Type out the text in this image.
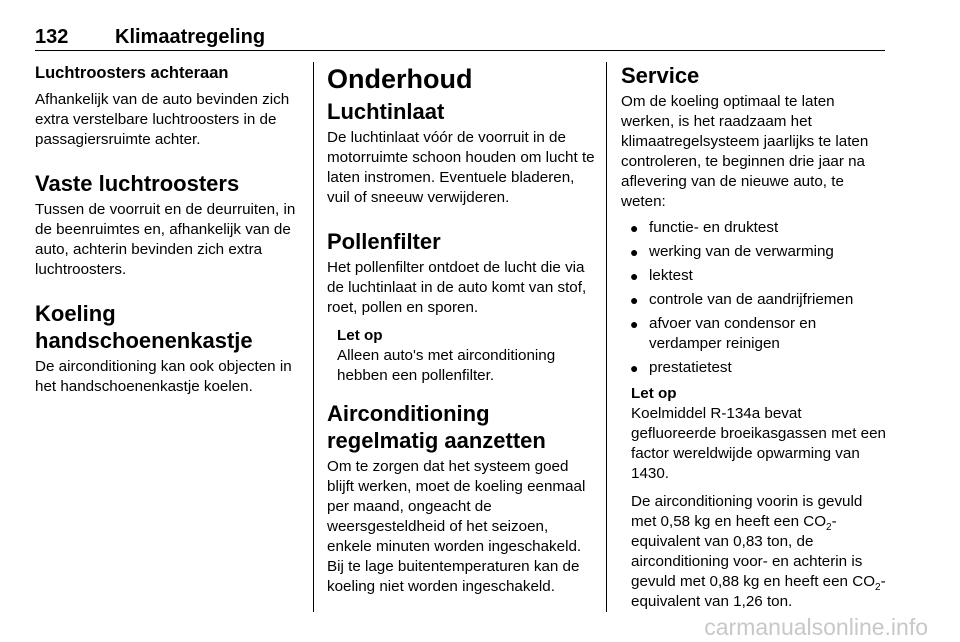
132 Klimaatregeling
Luchtroosters achteraan

Afhankelijk van de auto bevinden zich extra verstelbare luchtroosters in de passagiersruimte achter.

Vaste luchtroosters

Tussen de voorruit en de deurruiten, in de beenruimtes en, afhankelijk van de auto, achterin bevinden zich extra luchtroosters.

Koeling
handschoenenkastje

De airconditioning kan ook objecten in het handschoenenkastje koelen.

Onderhoud
Luchtinlaat

De luchtinlaat vóór de voorruit in de motorruimte schoon houden om lucht te laten instromen. Eventuele bladeren, vuil of sneeuw verwijderen.

Pollenfilter

Het pollenfilter ontdoet de lucht die via de luchtinlaat in de auto komt van stof, roet, pollen en sporen.

Let op

Alleen auto's met airconditioning hebben een pollenfilter.

Airconditioning regelmatig aanzetten

Om te zorgen dat het systeem goed blijft werken, moet de koeling eenmaal per maand, ongeacht de weersgesteldheid of het seizoen, enkele minuten worden ingeschakeld. Bij te lage buitentemperaturen kan de koeling niet worden ingeschakeld.

Service

Om de koeling optimaal te laten werken, is het raadzaam het klimaatregelsysteem jaarlijks te laten controleren, te beginnen drie jaar na aflevering van de nieuwe auto, te weten:

● functie- en druktest
● werking van de verwarming
● lektest
● controle van de aandrijfriemen
● afvoer van condensor en verdamper reinigen
● prestatietest
Let op

Koelmiddel R-134a bevat gefluoreerde broeikasgassen met een factor wereldwijde opwarming van 1430.

De airconditioning voorin is gevuld met 0,58 kg en heeft een $CO_2$-equivalent van 0,83 ton, de airconditioning voor- en achterin is gevuld met 0,88 kg en heeft een $CO_2$-equivalent van 1,26 ton.

carmanualsonline.info
